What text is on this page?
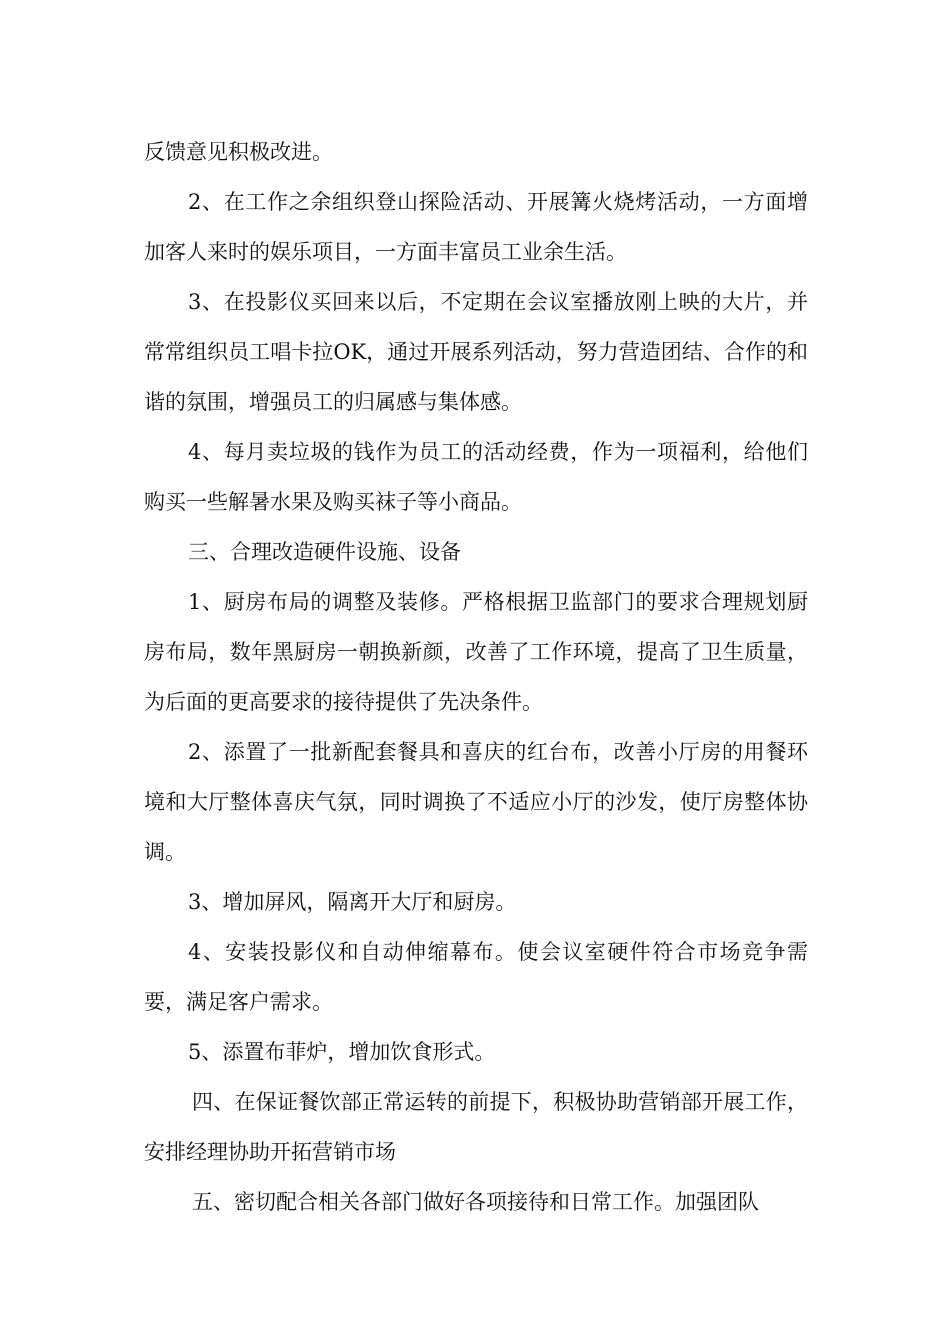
反馈意见积极改进。

2、在工作之余组织登山探险活动、开展篝火烧烤活动，一方面增加客人来时的娱乐项目，一方面丰富员工业余生活。

3、在投影仪买回来以后，不定期在会议室播放刚上映的大片，并常常组织员工唱卡拉OK，通过开展系列活动，努力营造团结、合作的和谐的氛围，增强员工的归属感与集体感。

4、每月卖垃圾的钱作为员工的活动经费，作为一项福利，给他们购买一些解暑水果及购买袜子等小商品。

三、合理改造硬件设施、设备

1、厨房布局的调整及装修。严格根据卫监部门的要求合理规划厨房布局，数年黑厨房一朝换新颜，改善了工作环境，提高了卫生质量，为后面的更高要求的接待提供了先决条件。

2、添置了一批新配套餐具和喜庆的红台布，改善小厅房的用餐环境和大厅整体喜庆气氛，同时调换了不适应小厅的沙发，使厅房整体协调。

3、增加屏风，隔离开大厅和厨房。

4、安装投影仪和自动伸缩幕布。使会议室硬件符合市场竞争需要，满足客户需求。

5、添置布菲炉，增加饮食形式。

四、在保证餐饮部正常运转的前提下，积极协助营销部开展工作，安排经理协助开拓营销市场

五、密切配合相关各部门做好各项接待和日常工作。加强团队
